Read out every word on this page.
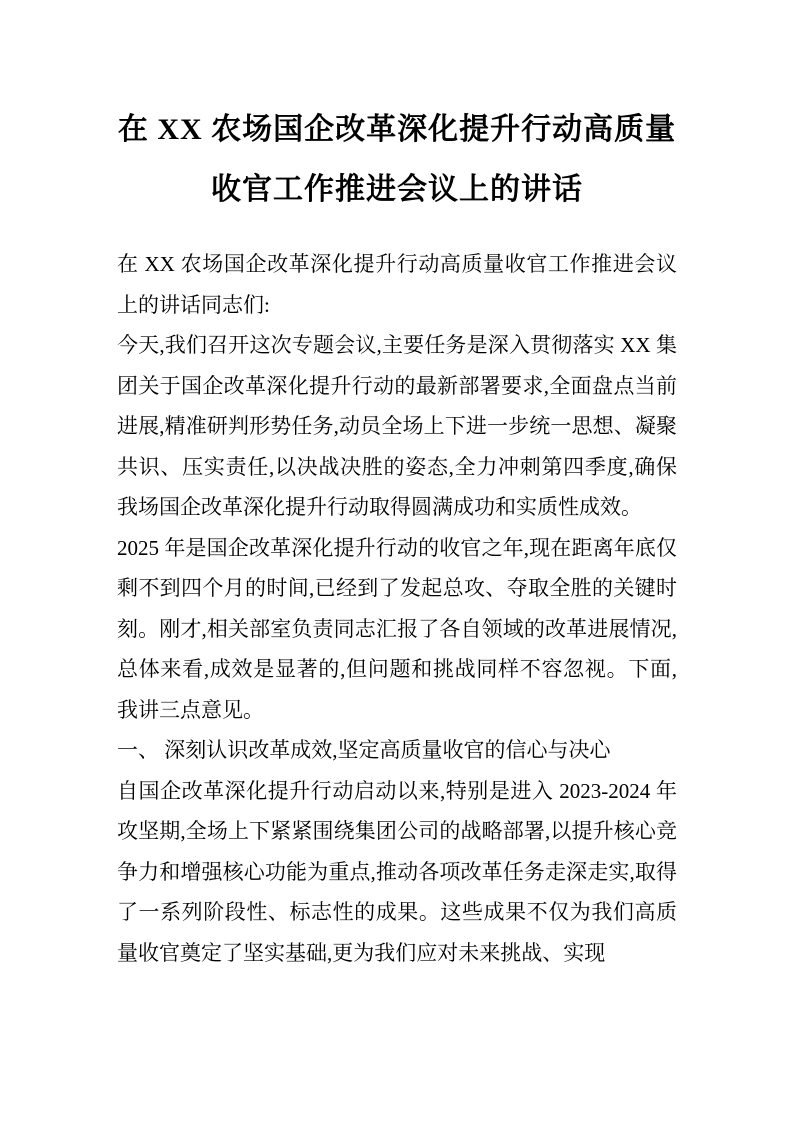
在 XX 农场国企改革深化提升行动高质量收官工作推进会议上的讲话

在 XX 农场国企改革深化提升行动高质量收官工作推进会议上的讲话同志们:

今天,我们召开这次专题会议,主要任务是深入贯彻落实 XX 集团关于国企改革深化提升行动的最新部署要求,全面盘点当前进展,精准研判形势任务,动员全场上下进一步统一思想、凝聚共识、压实责任,以决战决胜的姿态,全力冲刺第四季度,确保我场国企改革深化提升行动取得圆满成功和实质性成效。

2025 年是国企改革深化提升行动的收官之年,现在距离年底仅剩不到四个月的时间,已经到了发起总攻、夺取全胜的关键时刻。刚才,相关部室负责同志汇报了各自领域的改革进展情况,总体来看,成效是显著的,但问题和挑战同样不容忽视。下面,我讲三点意见。

一、 深刻认识改革成效,坚定高质量收官的信心与决心

自国企改革深化提升行动启动以来,特别是进入 2023-2024 年攻坚期,全场上下紧紧围绕集团公司的战略部署,以提升核心竞争力和增强核心功能为重点,推动各项改革任务走深走实,取得了一系列阶段性、标志性的成果。这些成果不仅为我们高质量收官奠定了坚实基础,更为我们应对未来挑战、实现
